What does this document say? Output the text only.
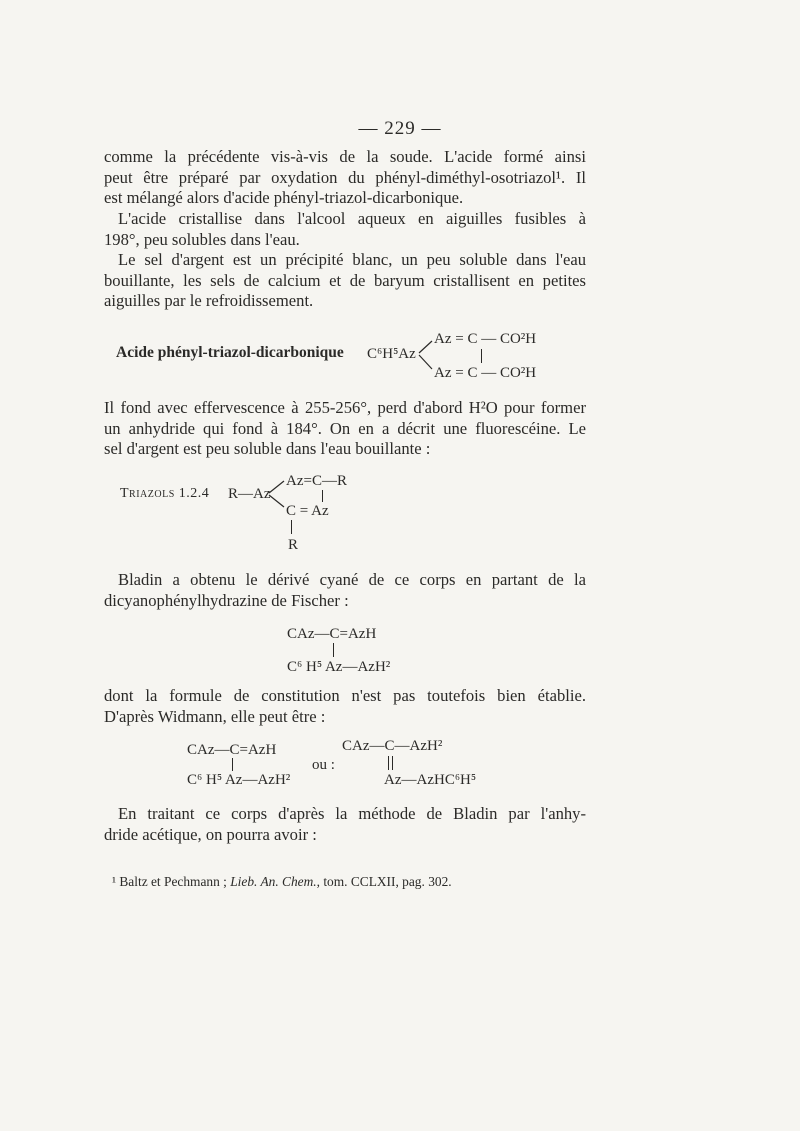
— 229 —
comme la précédente vis-à-vis de la soude. L'acide formé ainsi
peut être préparé par oxydation du phényl-diméthyl-osotriazol¹. Il
est mélangé alors d'acide phényl-triazol-dicarbonique.
L'acide cristallise dans l'alcool aqueux en aiguilles fusibles à
198°, peu solubles dans l'eau.
Le sel d'argent est un précipité blanc, un peu soluble dans l'eau
bouillante, les sels de calcium et de baryum cristallisent en petites
aiguilles par le refroidissement.
Acide phényl-triazol-dicarbonique C⁶H⁵Az
Az = C — CO²H
Az = C — CO²H
Il fond avec effervescence à 255-256°, perd d'abord H²O pour former
un anhydride qui fond à 184°. On en a décrit une fluorescéine. Le
sel d'argent est peu soluble dans l'eau bouillante :
Triazols 1.2.4 R—Az
Az=C—R
C = Az
R
Bladin a obtenu le dérivé cyané de ce corps en partant de la
dicyanophénylhydrazine de Fischer :
CAz—C=AzH
C⁶ H⁵ Az—AzH²
dont la formule de constitution n'est pas toutefois bien établie.
D'après Widmann, elle peut être :
CAz—C=AzH
C⁶ H⁵ Az—AzH²
ou :
CAz—C—AzH²
Az—AzHC⁶H⁵
En traitant ce corps d'après la méthode de Bladin par l'anhy-
dride acétique, on pourra avoir :
¹ Baltz et Pechmann ; Lieb. An. Chem., tom. CCLXII, pag. 302.
